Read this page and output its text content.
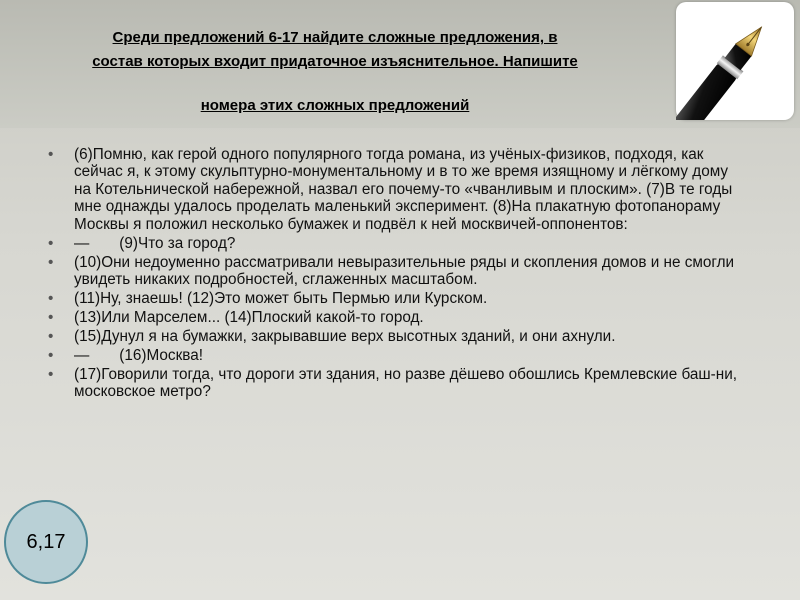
Среди предложений 6-17 найдите сложные предложения, в
состав которых входит придаточное изъяснительное. Напишите
номера этих сложных предложений
• (6)Помню, как герой одного популярного тогда романа, из учёных-физиков, подходя, как сейчас я, к этому скульптурно-монументальному и в то же время изящному и лёгкому дому на Котельнической набережной, назвал его почему-то «чванливым и плоским». (7)В те годы мне однажды удалось проделать маленький эксперимент. (8)На плакатную фотопанораму Москвы я положил несколько бумажек и подвёл к ней москвичей-оппонентов:
• — (9)Что за город?
• (10)Они недоуменно рассматривали невыразительные ряды и скопления домов и не смогли увидеть никаких подробностей, сглаженных масштабом.
• (11)Ну, знаешь! (12)Это может быть Пермью или Курском.
• (13)Или Марселем... (14)Плоский какой-то город.
• (15)Дунул я на бумажки, закрывавшие верх высотных зданий, и они ахнули.
• — (16)Москва!
• (17)Говорили тогда, что дороги эти здания, но разве дёшево обошлись Кремлевские баш-ни, московское метро?
6,17
